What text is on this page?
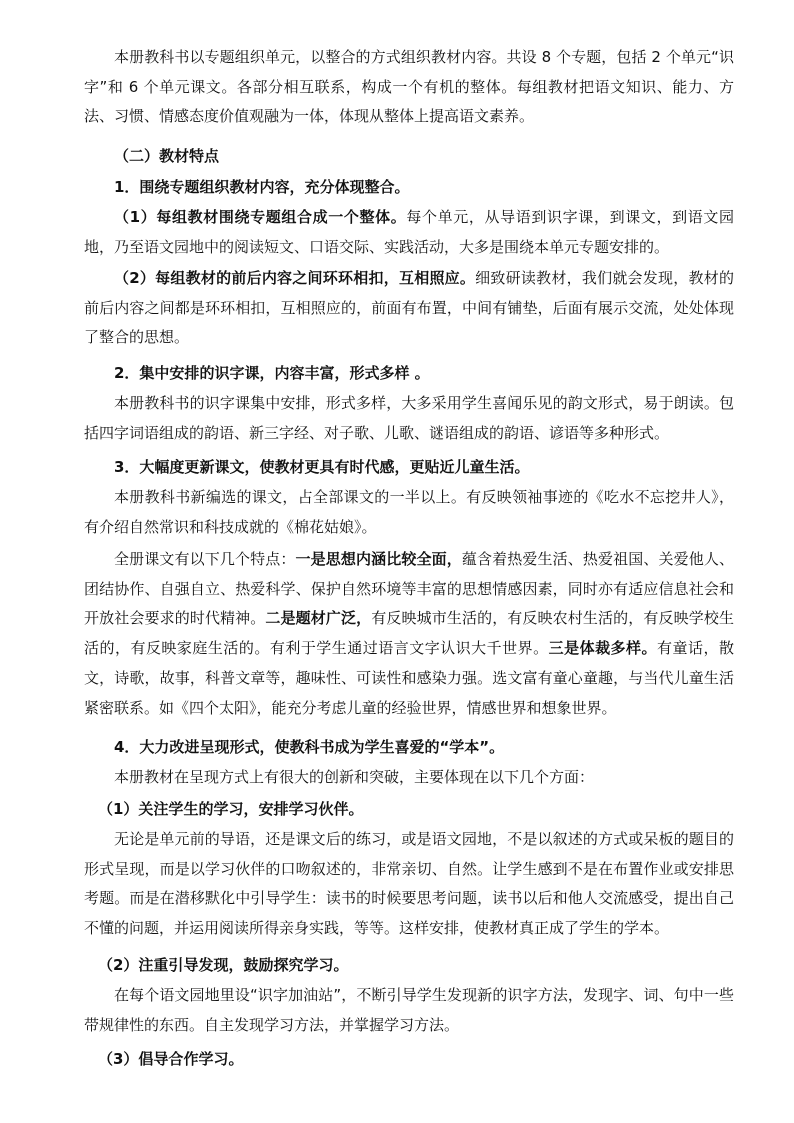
本册教科书以专题组织单元，以整合的方式组织教材内容。共设 8 个专题，包括 2 个单元“识字”和 6 个单元课文。各部分相互联系，构成一个有机的整体。每组教材把语文知识、能力、方法、习惯、情感态度价值观融为一体，体现从整体上提高语文素养。

（二）教材特点
1．围绕专题组织教材内容，充分体现整合。

（1）每组教材围绕专题组合成一个整体。每个单元，从导语到识字课，到课文，到语文园地，乃至语文园地中的阅读短文、口语交际、实践活动，大多是围绕本单元专题安排的。

（2）每组教材的前后内容之间环环相扣，互相照应。细致研读教材，我们就会发现，教材的前后内容之间都是环环相扣，互相照应的，前面有布置，中间有铺垫，后面有展示交流，处处体现了整合的思想。

2．集中安排的识字课，内容丰富，形式多样 。

本册教科书的识字课集中安排，形式多样，大多采用学生喜闻乐见的韵文形式，易于朗读。包括四字词语组成的韵语、新三字经、对子歌、儿歌、谜语组成的韵语、谚语等多种形式。

3．大幅度更新课文，使教材更具有时代感，更贴近儿童生活。

本册教科书新编选的课文，占全部课文的一半以上。有反映领袖事迹的《吃水不忘挖井人》，有介绍自然常识和科技成就的《棉花姑娘》。

全册课文有以下几个特点：一是思想内涵比较全面，蕴含着热爱生活、热爱祖国、关爱他人、团结协作、自强自立、热爱科学、保护自然环境等丰富的思想情感因素，同时亦有适应信息社会和开放社会要求的时代精神。二是题材广泛，有反映城市生活的，有反映农村生活的，有反映学校生活的，有反映家庭生活的。有利于学生通过语言文字认识大千世界。三是体裁多样。有童话，散文，诗歌，故事，科普文章等，趣味性、可读性和感染力强。选文富有童心童趣，与当代儿童生活紧密联系。如《四个太阳》，能充分考虑儿童的经验世界，情感世界和想象世界。

4．大力改进呈现形式，使教科书成为学生喜爱的“学本”。

本册教材在呈现方式上有很大的创新和突破，主要体现在以下几个方面：

（1）关注学生的学习，安排学习伙伴。

无论是单元前的导语，还是课文后的练习，或是语文园地，不是以叙述的方式或呆板的题目的形式呈现，而是以学习伙伴的口吻叙述的，非常亲切、自然。让学生感到不是在布置作业或安排思考题。而是在潜移默化中引导学生：读书的时候要思考问题，读书以后和他人交流感受，提出自己不懂的问题，并运用阅读所得亲身实践，等等。这样安排，使教材真正成了学生的学本。

（2）注重引导发现，鼓励探究学习。

在每个语文园地里设“识字加油站”，不断引导学生发现新的识字方法，发现字、词、句中一些带规律性的东西。自主发现学习方法，并掌握学习方法。

（3）倡导合作学习。
